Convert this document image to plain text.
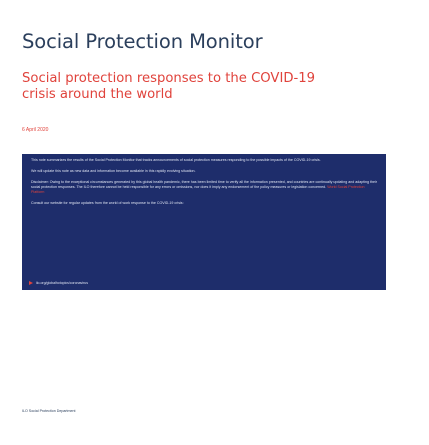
Social Protection Monitor
Social protection responses to the COVID-19 crisis around the world
6 April 2020

This note summarizes the results of the Social Protection Monitor that tracks announcements of social protection measures responding to the possible impacts of the COVID-19 crisis.

We will update this note as new data and information become available in this rapidly evolving situation.

Disclaimer: Owing to the exceptional circumstances generated by this global health pandemic, there has been limited time to verify all the information presented, and countries are continually updating and adapting their social protection responses. The ILO therefore cannot be held responsible for any errors or omissions, nor does it imply any endorsement of the policy measures or legislation concerned. World Social Protection Platform

Consult our website for regular updates from the world of work response to the COVID-19 crisis:

ilo.org/globalhotopics/coronavirus
ILO Social Protection Department
